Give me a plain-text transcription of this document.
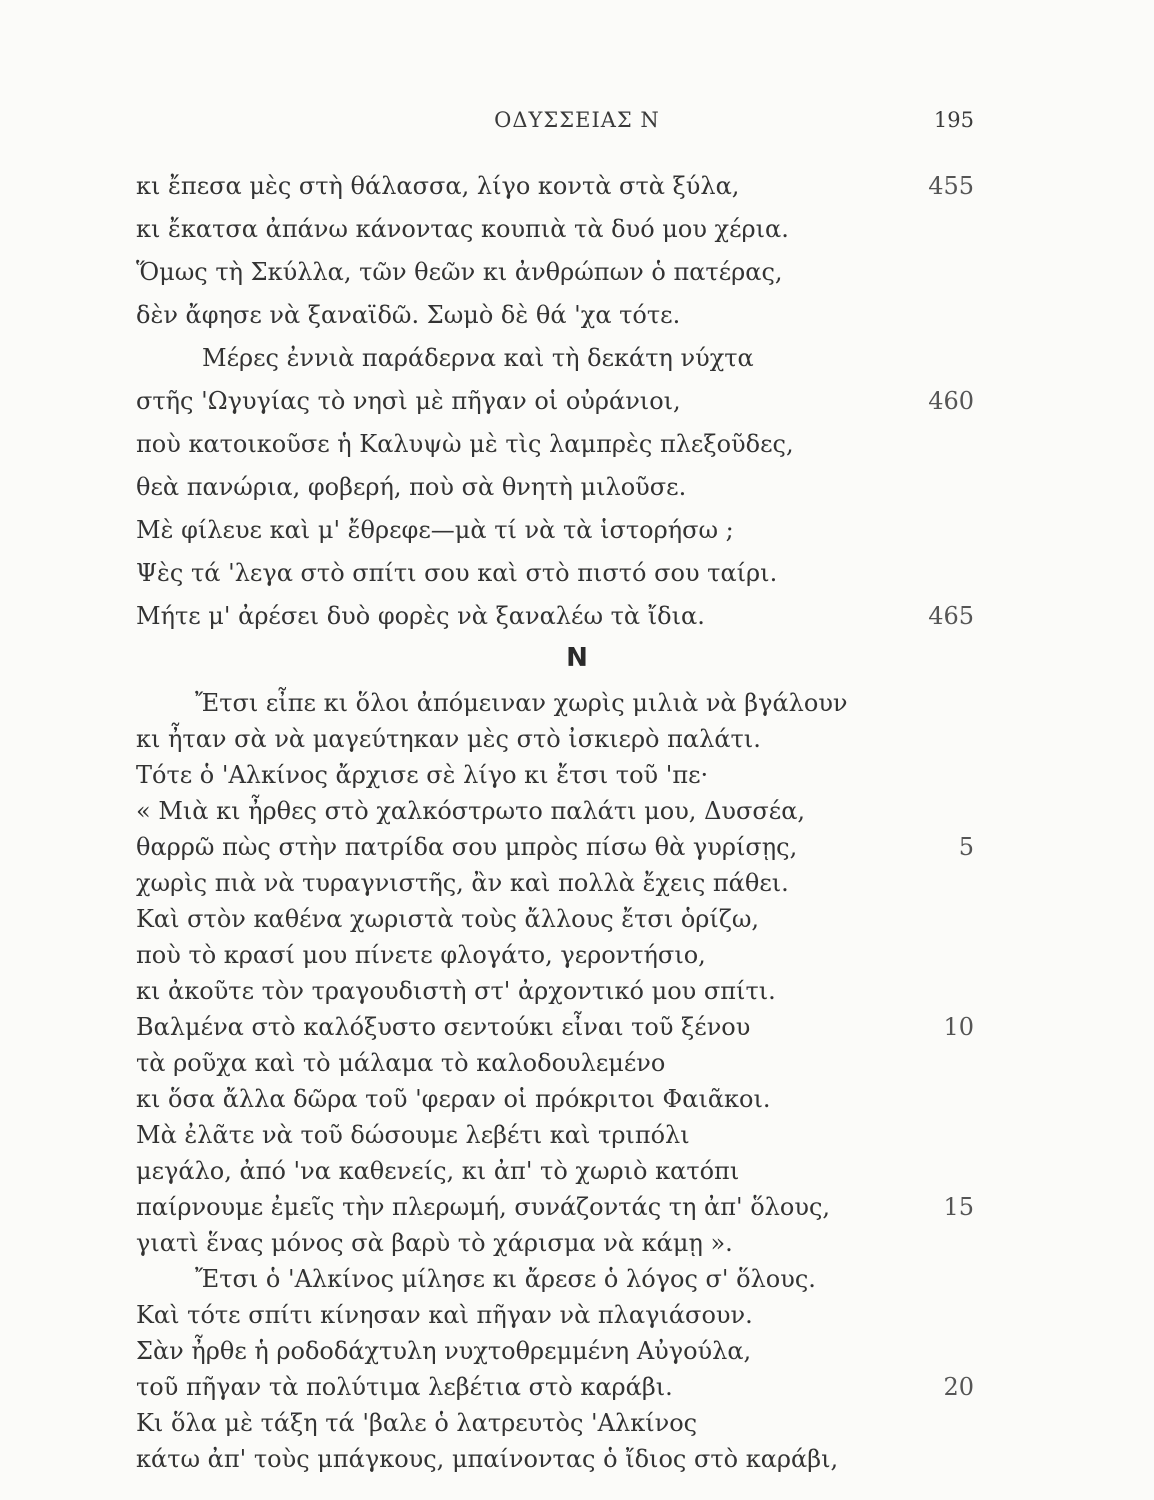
ΟΔΥΣΣΕΙΑΣ Ν	195
κι ἔπεσα μὲς στὴ θάλασσα, λίγο κοντὰ στὰ ξύλα,
κι ἔκατσα ἀπάνω κάνοντας κουπιὰ τὰ δυό μου χέρια.
Ὅμως τὴ Σκύλλα, τῶν θεῶν κι ἀνθρώπων ὁ πατέρας,
δὲν ἄφησε νὰ ξαναϊδῶ. Σωμὸ δὲ θά 'χα τότε.
Μέρες ἐννιὰ παράδερνα καὶ τὴ δεκάτη νύχτα
στῆς 'Ωγυγίας τὸ νησὶ μὲ πῆγαν οἱ οὐράνιοι,
ποὺ κατοικοῦσε ἡ Καλυψὼ μὲ τὶς λαμπρὲς πλεξοῦδες,
θεὰ πανώρια, φοβερή, ποὺ σὰ θνητὴ μιλοῦσε.
Μὲ φίλευε καὶ μ' ἔθρεφε—μὰ τί νὰ τὰ ἱστορήσω ;
Ψὲς τά 'λεγα στὸ σπίτι σου καὶ στὸ πιστό σου ταίρι.
Μήτε μ' ἀρέσει δυὸ φορὲς νὰ ξαναλέω τὰ ἴδια.
455
460
465
Ν
Ἔτσι εἶπε κι ὅλοι ἀπόμειναν χωρὶς μιλιὰ νὰ βγάλουν
κι ἦταν σὰ νὰ μαγεύτηκαν μὲς στὸ ἰσκιερὸ παλάτι.
Τότε ὁ 'Αλκίνος ἄρχισε σὲ λίγο κι ἔτσι τοῦ 'πε·
« Μιὰ κι ἦρθες στὸ χαλκόστρωτο παλάτι μου, Δυσσέα,
θαρρῶ πὼς στὴν πατρίδα σου μπρὸς πίσω θὰ γυρίσῃς,
χωρὶς πιὰ νὰ τυραγνιστῆς, ἂν καὶ πολλὰ ἔχεις πάθει.
Καὶ στὸν καθένα χωριστὰ τοὺς ἄλλους ἔτσι ὁρίζω,
ποὺ τὸ κρασί μου πίνετε φλογάτο, γεροντήσιο,
κι ἀκοῦτε τὸν τραγουδιστὴ στ' ἀρχοντικό μου σπίτι.
Βαλμένα στὸ καλόξυστο σεντούκι εἶναι τοῦ ξένου
τὰ ροῦχα καὶ τὸ μάλαμα τὸ καλοδουλεμένο
κι ὅσα ἄλλα δῶρα τοῦ 'φεραν οἱ πρόκριτοι Φαιᾶκοι.
Μὰ ἐλᾶτε νὰ τοῦ δώσουμε λεβέτι καὶ τριπόλι
μεγάλο, ἀπό 'να καθενείς, κι ἀπ' τὸ χωριὸ κατόπι
παίρνουμε ἐμεῖς τὴν πλερωμή, συνάζοντάς τη ἀπ' ὅλους,
γιατὶ ἕνας μόνος σὰ βαρὺ τὸ χάρισμα νὰ κάμῃ ».
Ἔτσι ὁ 'Αλκίνος μίλησε κι ἄρεσε ὁ λόγος σ' ὅλους.
Καὶ τότε σπίτι κίνησαν καὶ πῆγαν νὰ πλαγιάσουν.
Σὰν ἦρθε ἡ ροδοδάχτυλη νυχτοθρεμμένη Αὐγούλα,
τοῦ πῆγαν τὰ πολύτιμα λεβέτια στὸ καράβι.
Κι ὅλα μὲ τάξη τά 'βαλε ὁ λατρευτὸς 'Αλκίνος
κάτω ἀπ' τοὺς μπάγκους, μπαίνοντας ὁ ἴδιος στὸ καράβι,
5
10
15
20
